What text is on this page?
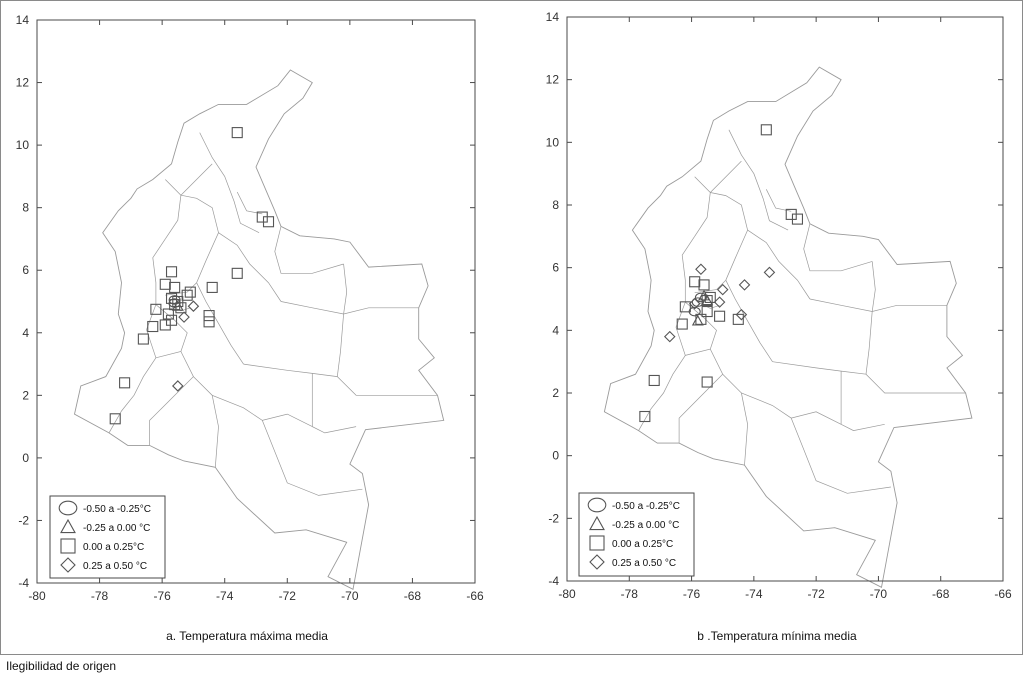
-80	-78	-76	-74	-72	-70	-68	-66
-4
-2
0
2
4
6
8
10
12
14
-0.50 a -0.25°C
-0.25 a 0.00 °C
0.00 a 0.25°C
0.25 a 0.50 °C
a. Temperatura máxima media
-80	-78	-76	-74	-72	-70	-68	-66
-4
-2
0
2
4
6
8
10
12
14
-0.50 a -0.25°C
-0.25 a 0.00 °C
0.00 a 0.25°C
0.25 a 0.50 °C
b .Temperatura mínima media
Ilegibilidad de origen
